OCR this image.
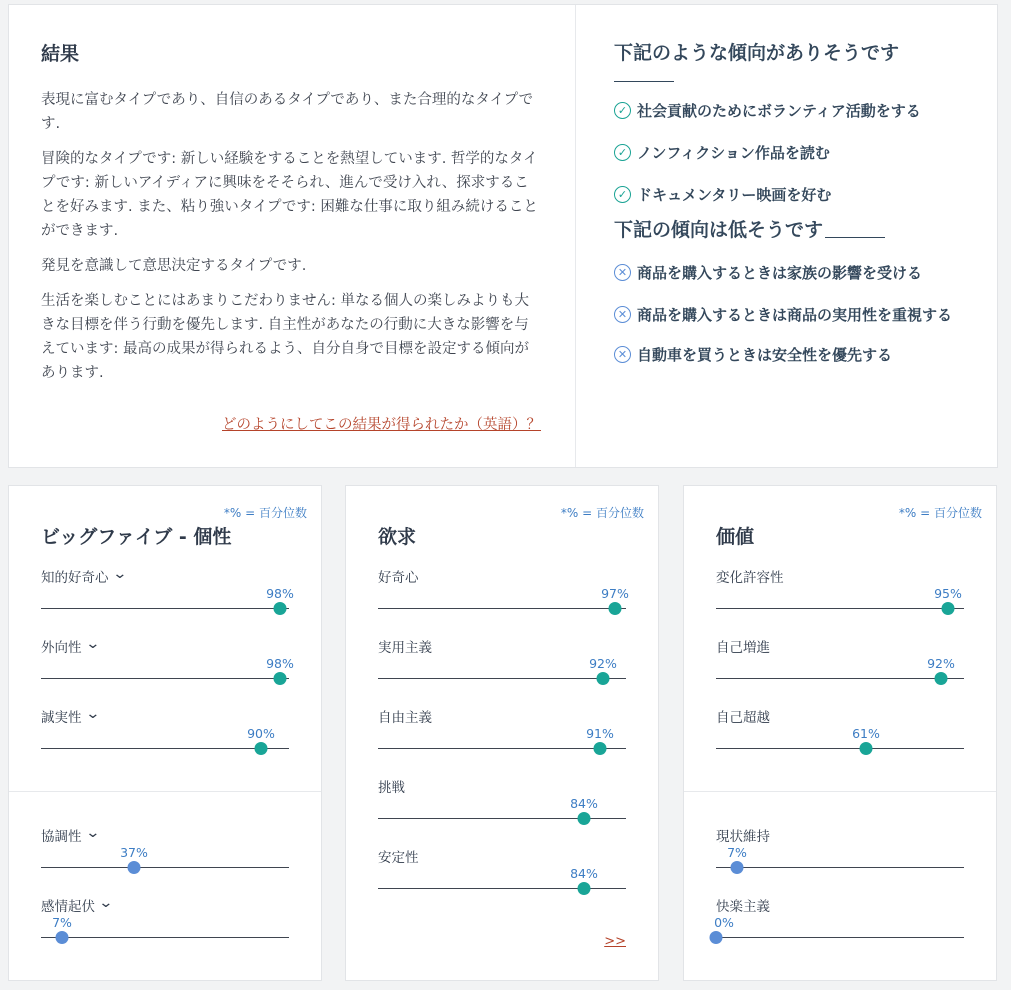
結果

表現に富むタイプであり、自信のあるタイプであり、また合理的なタイプです.

冒険的なタイプです: 新しい経験をすることを熱望しています. 哲学的なタイプです: 新しいアイディアに興味をそそられ、進んで受け入れ、探求することを好みます. また、粘り強いタイプです: 困難な仕事に取り組み続けることができます.

発見を意識して意思決定するタイプです.

生活を楽しむことにはあまりこだわりません: 単なる個人の楽しみよりも大きな目標を伴う行動を優先します. 自主性があなたの行動に大きな影響を与えています: 最高の成果が得られるよう、自分自身で目標を設定する傾向があります.

どのようにしてこの結果が得られたか（英語）？
下記のような傾向がありそうです
✓ 社会貢献のためにボランティア活動をする
✓ ノンフィクション作品を読む
✓ ドキュメンタリー映画を好む
下記の傾向は低そうです
✕ 商品を購入するときは家族の影響を受ける
✕ 商品を購入するときは商品の実用性を重視する
✕ 自動車を買うときは安全性を優先する
*% = 百分位数
ビッグファイブ - 個性
知的好奇心 ⌄
98%
外向性 ⌄
98%
誠実性 ⌄
90%
協調性 ⌄
37%
感情起伏 ⌄
7%
*% = 百分位数
欲求
>>
好奇心
97%
実用主義
92%
自由主義
91%
挑戦
84%
安定性
84%
*% = 百分位数
価値
変化許容性
95%
自己増進
92%
自己超越
61%
現状維持
7%
快楽主義
0%
